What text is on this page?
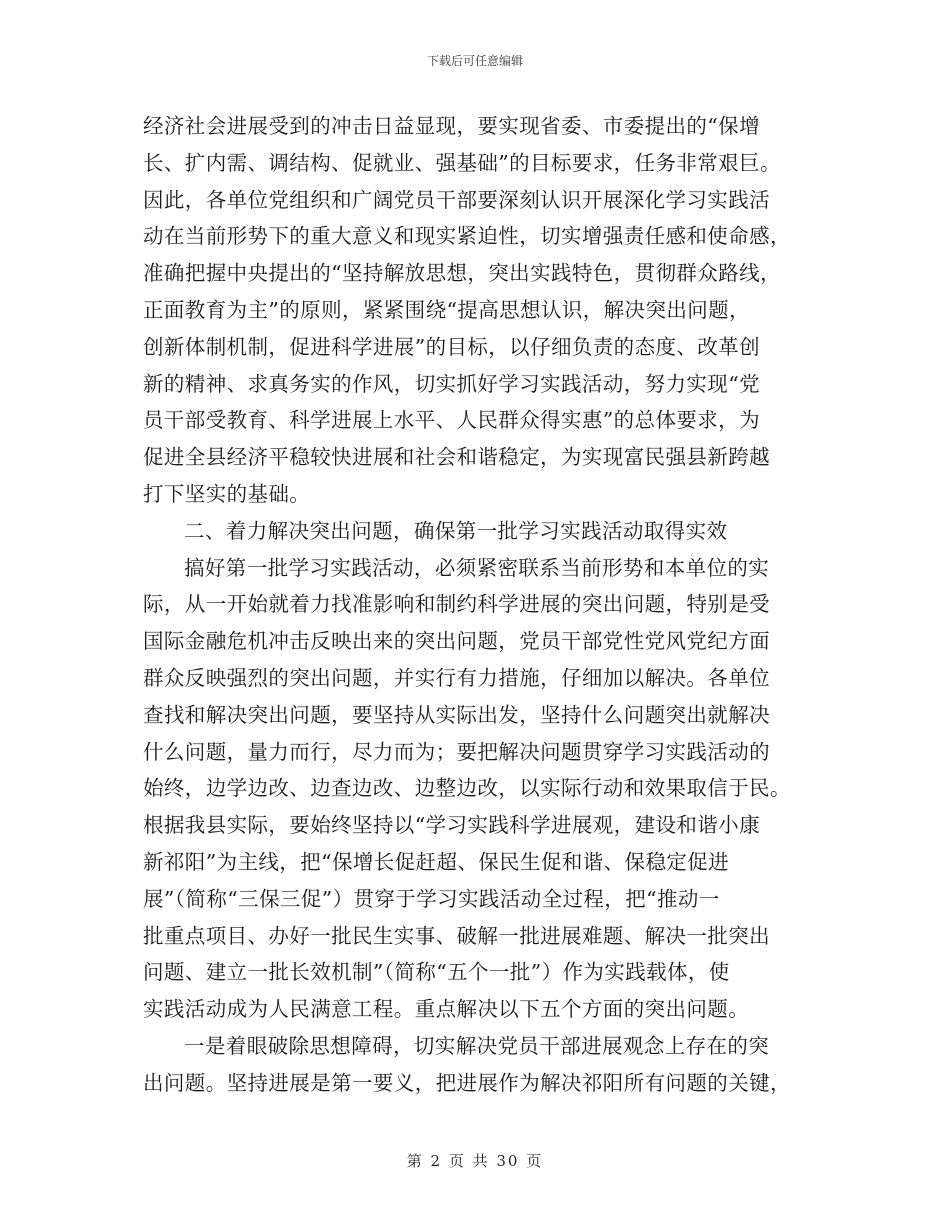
下载后可任意编辑
经济社会进展受到的冲击日益显现，要实现省委、市委提出的“保增
长、扩内需、调结构、促就业、强基础”的目标要求，任务非常艰巨。
因此，各单位党组织和广阔党员干部要深刻认识开展深化学习实践活
动在当前形势下的重大意义和现实紧迫性，切实增强责任感和使命感，
准确把握中央提出的“坚持解放思想，突出实践特色，贯彻群众路线，
正面教育为主”的原则，紧紧围绕“提高思想认识，解决突出问题，
创新体制机制，促进科学进展”的目标，以仔细负责的态度、改革创
新的精神、求真务实的作风，切实抓好学习实践活动，努力实现“党
员干部受教育、科学进展上水平、人民群众得实惠”的总体要求，为
促进全县经济平稳较快进展和社会和谐稳定，为实现富民强县新跨越
打下坚实的基础。
二、着力解决突出问题，确保第一批学习实践活动取得实效
搞好第一批学习实践活动，必须紧密联系当前形势和本单位的实
际，从一开始就着力找准影响和制约科学进展的突出问题，特别是受
国际金融危机冲击反映出来的突出问题，党员干部党性党风党纪方面
群众反映强烈的突出问题，并实行有力措施，仔细加以解决。各单位
查找和解决突出问题，要坚持从实际出发，坚持什么问题突出就解决
什么问题，量力而行，尽力而为；要把解决问题贯穿学习实践活动的
始终，边学边改、边查边改、边整边改，以实际行动和效果取信于民。
根据我县实际，要始终坚持以“学习实践科学进展观，建设和谐小康
新祁阳”为主线，把“保增长促赶超、保民生促和谐、保稳定促进
展”（简称“三保三促”）贯穿于学习实践活动全过程，把“推动一
批重点项目、办好一批民生实事、破解一批进展难题、解决一批突出
问题、建立一批长效机制”（简称“五个一批”）作为实践载体，使
实践活动成为人民满意工程。重点解决以下五个方面的突出问题。
一是着眼破除思想障碍，切实解决党员干部进展观念上存在的突
出问题。坚持进展是第一要义，把进展作为解决祁阳所有问题的关键，
第 2 页 共 30 页
